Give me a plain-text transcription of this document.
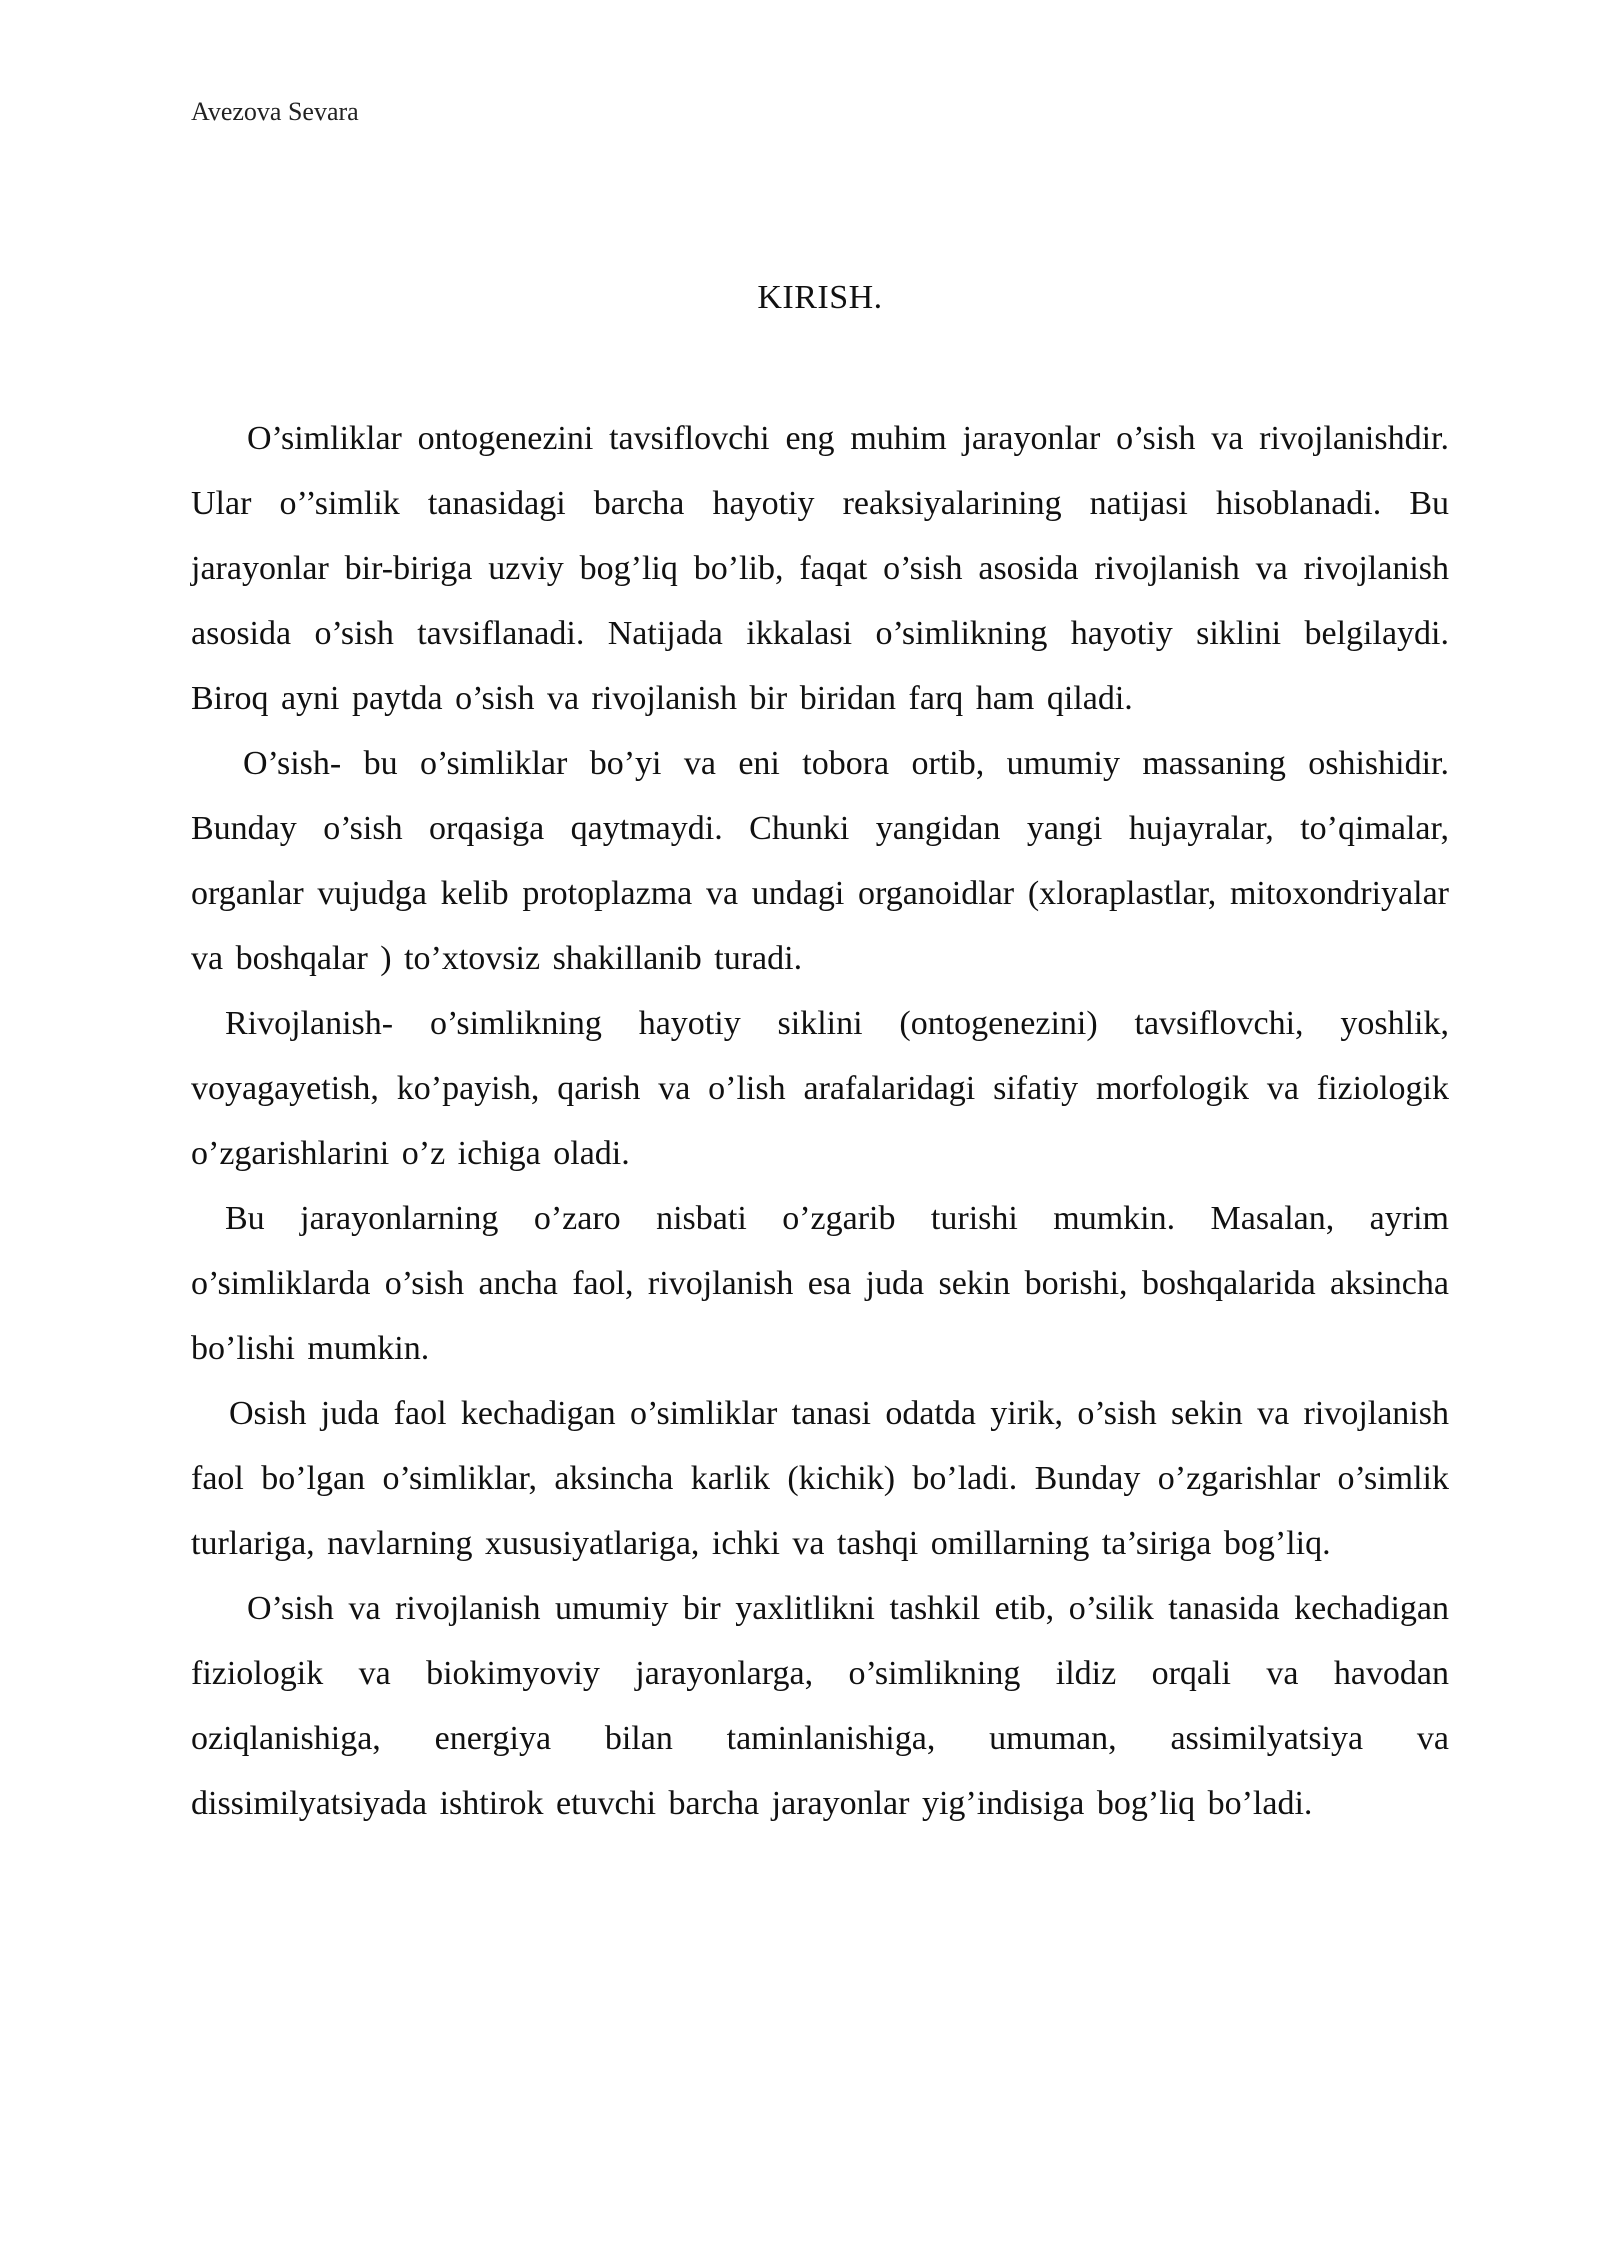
Avezova Sevara
KIRISH.

O’simliklar ontogenezini tavsiflovchi eng muhim jarayonlar o’sish va rivojlanishdir. Ular o’’simlik tanasidagi barcha hayotiy reaksiyalarining natijasi hisoblanadi. Bu jarayonlar bir-biriga uzviy bog’liq bo’lib, faqat o’sish asosida rivojlanish va rivojlanish asosida o’sish tavsiflanadi. Natijada ikkalasi o’simlikning hayotiy siklini belgilaydi. Biroq ayni paytda o’sish va rivojlanish bir biridan farq ham qiladi.

O’sish- bu o’simliklar bo’yi va eni tobora ortib, umumiy massaning oshishidir. Bunday o’sish orqasiga qaytmaydi. Chunki yangidan yangi hujayralar, to’qimalar, organlar vujudga kelib protoplazma va undagi organoidlar (xloraplastlar, mitoxondriyalar va boshqalar ) to’xtovsiz shakillanib turadi.

Rivojlanish- o’simlikning hayotiy siklini (ontogenezini) tavsiflovchi, yoshlik, voyagayetish, ko’payish, qarish va o’lish arafalaridagi sifatiy morfologik va fiziologik o’zgarishlarini o’z ichiga oladi.

Bu jarayonlarning o’zaro nisbati o’zgarib turishi mumkin. Masalan, ayrim o’simliklarda o’sish ancha faol, rivojlanish esa juda sekin borishi, boshqalarida aksincha bo’lishi mumkin.

Osish juda faol kechadigan o’simliklar tanasi odatda yirik, o’sish sekin va rivojlanish faol bo’lgan o’simliklar, aksincha karlik (kichik) bo’ladi. Bunday o’zgarishlar o’simlik turlariga, navlarning xususiyatlariga, ichki va tashqi omillarning ta’siriga bog’liq.

O’sish va rivojlanish umumiy bir yaxlitlikni tashkil etib, o’silik tanasida kechadigan fiziologik va biokimyoviy jarayonlarga, o’simlikning ildiz orqali va havodan oziqlanishiga, energiya bilan taminlanishiga, umuman, assimilyatsiya va dissimilyatsiyada ishtirok etuvchi barcha jarayonlar yig’indisiga bog’liq bo’ladi.
